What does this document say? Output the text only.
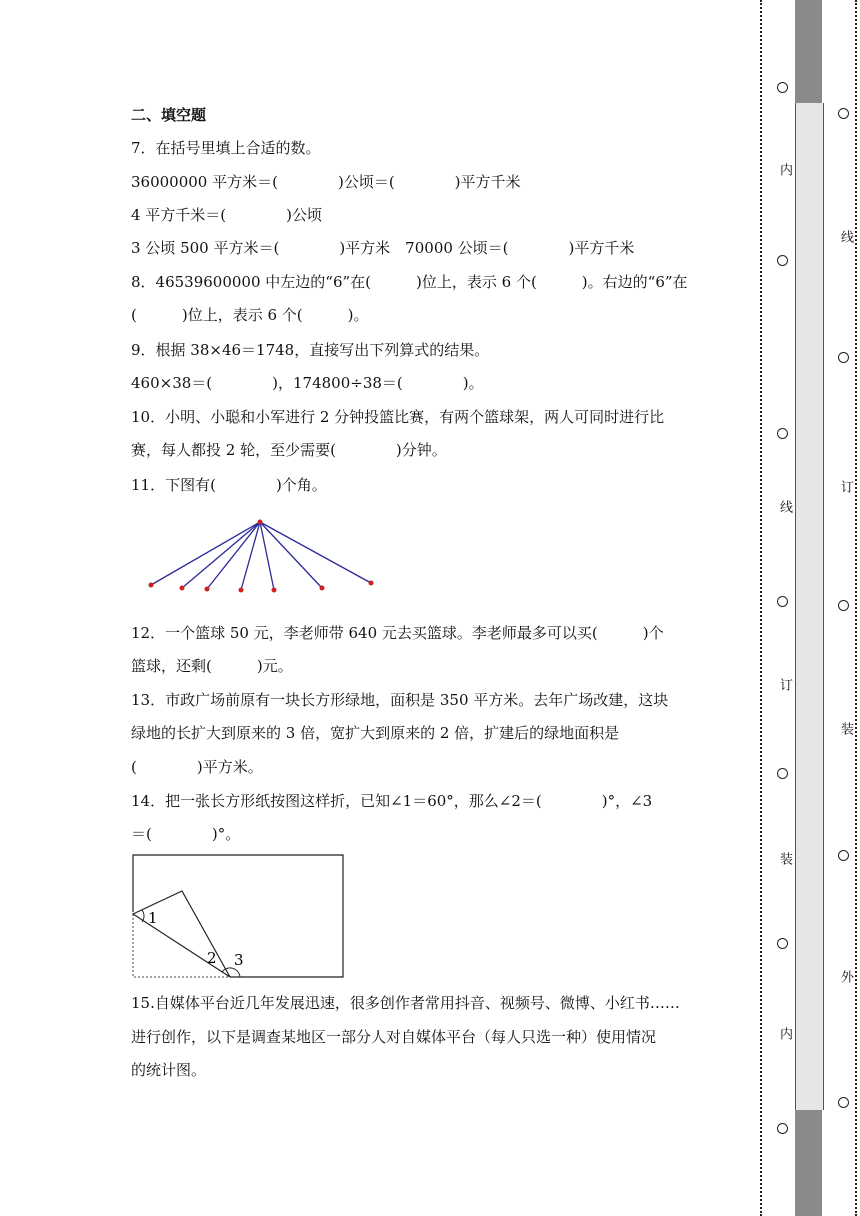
二、填空题
7．在括号里填上合适的数。
36000000 平方米＝(　　　　)公顷＝(　　　　)平方千米
4 平方千米＝(　　　　)公顷
3 公顷 500 平方米＝(　　　　)平方米　70000 公顷＝(　　　　)平方千米
8．46539600000 中左边的“6”在(　　　)位上，表示 6 个(　　　)。右边的“6”在
(　　　)位上，表示 6 个(　　　)。
9．根据 38×46＝1748，直接写出下列算式的结果。
460×38＝(　　　　)，174800÷38＝(　　　　)。
10．小明、小聪和小军进行 2 分钟投篮比赛，有两个篮球架，两人可同时进行比
赛，每人都投 2 轮，至少需要(　　　　)分钟。
11．下图有(　　　　)个角。
12．一个篮球 50 元，李老师带 640 元去买篮球。李老师最多可以买(　　　)个
篮球，还剩(　　　)元。
13．市政广场前原有一块长方形绿地，面积是 350 平方米。去年广场改建，这块
绿地的长扩大到原来的 3 倍，宽扩大到原来的 2 倍，扩建后的绿地面积是
(　　　　)平方米。
14．把一张长方形纸按图这样折，已知∠1＝60°，那么∠2＝(　　　　)°，∠3
＝(　　　　)°。
1
2 3
15.自媒体平台近几年发展迅速，很多创作者常用抖音、视频号、微博、小红书……
进行创作，以下是调查某地区一部分人对自媒体平台（每人只选一种）使用情况
的统计图。
内
线
订
装
内
线
订
装
外
